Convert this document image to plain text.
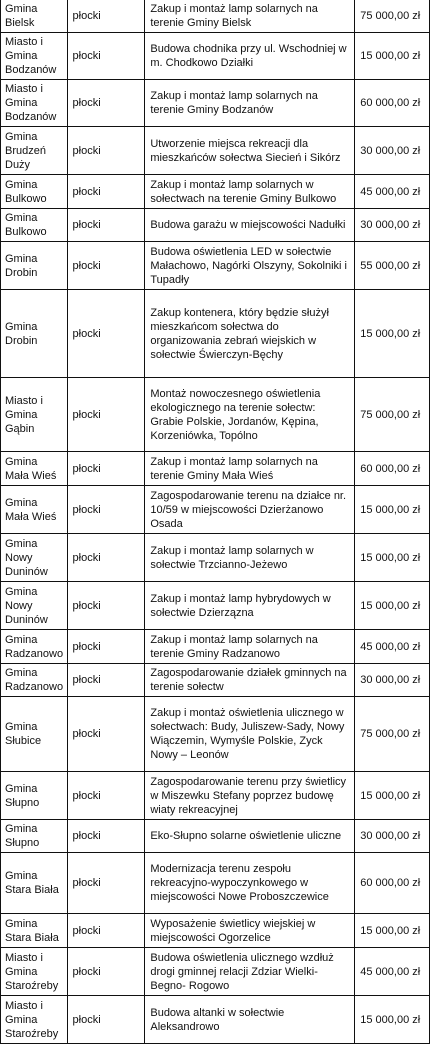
Gmina Bielsk	płocki	Zakup i montaż lamp solarnych na terenie Gminy Bielsk	75 000,00 zł
Miasto i Gmina Bodzanów	płocki	Budowa chodnika przy ul. Wschodniej w m. Chodkowo Działki	15 000,00 zł
Miasto i Gmina Bodzanów	płocki	Zakup i montaż lamp solarnych na terenie Gminy Bodzanów	60 000,00 zł
Gmina Brudzeń Duży	płocki	Utworzenie miejsca rekreacji dla mieszkańców sołectwa Siecień i Sikórz	30 000,00 zł
Gmina Bulkowo	płocki	Zakup i montaż lamp solarnych w sołectwach na terenie Gminy Bulkowo	45 000,00 zł
Gmina Bulkowo	płocki	Budowa garażu w miejscowości Nadułki	30 000,00 zł
Gmina Drobin	płocki	Budowa oświetlenia LED w sołectwie Małachowo, Nagórki Olszyny, Sokolniki i Tupadły	55 000,00 zł
Gmina Drobin	płocki	Zakup kontenera, który będzie służył mieszkańcom sołectwa do organizowania zebrań wiejskich w sołectwie Świerczyn-Bęchy	15 000,00 zł
Miasto i Gmina Gąbin	płocki	Montaż nowoczesnego oświetlenia ekologicznego na terenie sołectw: Grabie Polskie, Jordanów, Kępina, Korzeniówka, Topólno	75 000,00 zł
Gmina Mała Wieś	płocki	Zakup i montaż lamp solarnych na terenie Gminy Mała Wieś	60 000,00 zł
Gmina Mała Wieś	płocki	Zagospodarowanie terenu na działce nr. 10/59 w miejscowości Dzierżanowo Osada	15 000,00 zł
Gmina Nowy Duninów	płocki	Zakup i montaż lamp solarnych w sołectwie Trzcianno-Jeżewo	15 000,00 zł
Gmina Nowy Duninów	płocki	Zakup i montaż lamp hybrydowych w sołectwie Dzierzązna	15 000,00 zł
Gmina Radzanowo	płocki	Zakup i montaż lamp solarnych na terenie Gminy Radzanowo	45 000,00 zł
Gmina Radzanowo	płocki	Zagospodarowanie działek gminnych na terenie sołectw	30 000,00 zł
Gmina Słubice	płocki	Zakup i montaż oświetlenia ulicznego w sołectwach: Budy, Juliszew-Sady, Nowy Wiączemin, Wymyśle Polskie, Zyck Nowy – Leonów	75 000,00 zł
Gmina Słupno	płocki	Zagospodarowanie terenu przy świetlicy w Miszewku Stefany poprzez budowę wiaty rekreacyjnej	15 000,00 zł
Gmina Słupno	płocki	Eko-Słupno solarne oświetlenie uliczne	30 000,00 zł
Gmina Stara Biała	płocki	Modernizacja terenu zespołu rekreacyjno-wypoczynkowego w miejscowości Nowe Proboszczewice	60 000,00 zł
Gmina Stara Biała	płocki	Wyposażenie świetlicy wiejskiej w miejscowości Ogorzelice	15 000,00 zł
Miasto i Gmina Staroźreby	płocki	Budowa oświetlenia ulicznego wzdłuż drogi gminnej relacji Zdziar Wielki-Begno- Rogowo	45 000,00 zł
Miasto i Gmina Staroźreby	płocki	Budowa altanki w sołectwie Aleksandrowo	15 000,00 zł
